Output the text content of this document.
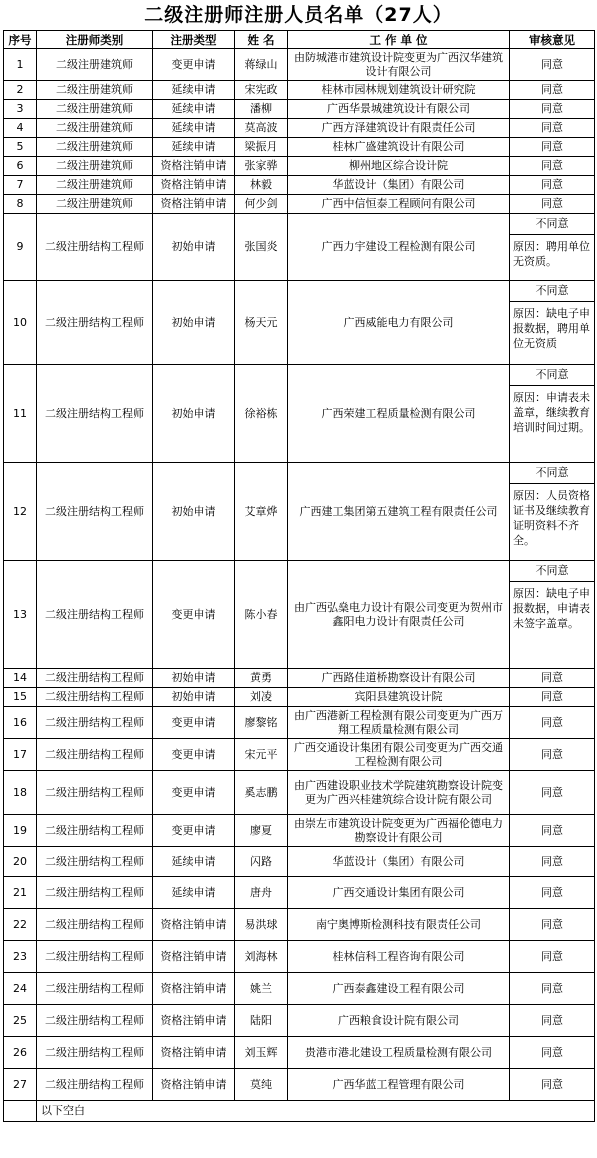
二级注册师注册人员名单（27人）
序号	注册师类别	注册类型	姓 名	工 作 单 位	审核意见
1	二级注册建筑师	变更申请	蒋绿山	由防城港市建筑设计院变更为广西汉华建筑设计有限公司	同意
2	二级注册建筑师	延续申请	宋宪政	桂林市园林规划建筑设计研究院	同意
3	二级注册建筑师	延续申请	潘柳	广西华景城建筑设计有限公司	同意
4	二级注册建筑师	延续申请	莫高波	广西方泽建筑设计有限责任公司	同意
5	二级注册建筑师	延续申请	梁振月	桂林广盛建筑设计有限公司	同意
6	二级注册建筑师	资格注销申请	张家骅	柳州地区综合设计院	同意
7	二级注册建筑师	资格注销申请	林毅	华蓝设计（集团）有限公司	同意
8	二级注册建筑师	资格注销申请	何少剑	广西中信恒泰工程顾问有限公司	同意
9	二级注册结构工程师	初始申请	张国炎	广西力宇建设工程检测有限公司	不同意
原因：聘用单位无资质。

10	二级注册结构工程师	初始申请	杨天元	广西威能电力有限公司	不同意
原因：缺电子申报数据，聘用单位无资质

11	二级注册结构工程师	初始申请	徐裕栋	广西荣建工程质量检测有限公司	不同意
原因：申请表未盖章，继续教育培训时间过期。

12	二级注册结构工程师	初始申请	艾章烨	广西建工集团第五建筑工程有限责任公司	不同意
原因：人员资格证书及继续教育证明资料不齐全。

13	二级注册结构工程师	变更申请	陈小春	由广西弘燊电力设计有限公司变更为贺州市鑫阳电力设计有限责任公司	不同意
原因：缺电子申报数据，申请表未签字盖章。

14	二级注册结构工程师	初始申请	黄勇	广西路佳道桥勘察设计有限公司	同意
15	二级注册结构工程师	初始申请	刘凌	宾阳县建筑设计院	同意
16	二级注册结构工程师	变更申请	廖黎铭	由广西港新工程检测有限公司变更为广西万翔工程质量检测有限公司	同意
17	二级注册结构工程师	变更申请	宋元平	广西交通设计集团有限公司变更为广西交通工程检测有限公司	同意
18	二级注册结构工程师	变更申请	奚志鹏	由广西建设职业技术学院建筑勘察设计院变更为广西兴桂建筑综合设计院有限公司	同意
19	二级注册结构工程师	变更申请	廖夏	由崇左市建筑设计院变更为广西福伦德电力勘察设计有限公司	同意
20	二级注册结构工程师	延续申请	闪路	华蓝设计（集团）有限公司	同意
21	二级注册结构工程师	延续申请	唐舟	广西交通设计集团有限公司	同意
22	二级注册结构工程师	资格注销申请	易洪球	南宁奥博斯检测科技有限责任公司	同意
23	二级注册结构工程师	资格注销申请	刘海林	桂林信科工程咨询有限公司	同意
24	二级注册结构工程师	资格注销申请	姚兰	广西泰鑫建设工程有限公司	同意
25	二级注册结构工程师	资格注销申请	陆阳	广西粮食设计院有限公司	同意
26	二级注册结构工程师	资格注销申请	刘玉辉	贵港市港北建设工程质量检测有限公司	同意
27	二级注册结构工程师	资格注销申请	莫纯	广西华蓝工程管理有限公司	同意
	以下空白				
